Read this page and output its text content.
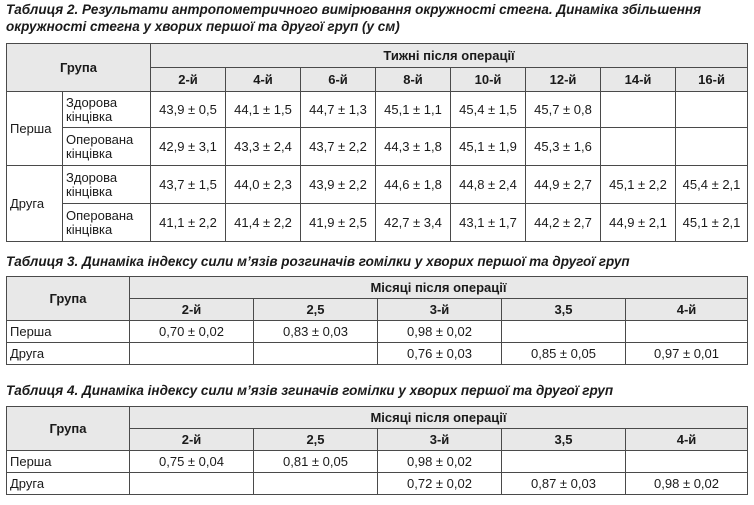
Таблиця 2. Результати антропометричного вимірювання окружності стегна. Динаміка збільшення
окружності стегна у хворих першої та другої груп (у см)
Група		Тижні після операції							
		2-й	4-й	6-й	8-й	10-й	12-й	14-й	16-й
Перша	Здорова кінцівка	43,9 ± 0,5	44,1 ± 1,5	44,7 ± 1,3	45,1 ± 1,1	45,4 ± 1,5	45,7 ± 0,8		
	Оперована кінцівка	42,9 ± 3,1	43,3 ± 2,4	43,7 ± 2,2	44,3 ± 1,8	45,1 ± 1,9	45,3 ± 1,6		
Друга	Здорова кінцівка	43,7 ± 1,5	44,0 ± 2,3	43,9 ± 2,2	44,6 ± 1,8	44,8 ± 2,4	44,9 ± 2,7	45,1 ± 2,2	45,4 ± 2,1
	Оперована кінцівка	41,1 ± 2,2	41,4 ± 2,2	41,9 ± 2,5	42,7 ± 3,4	43,1 ± 1,7	44,2 ± 2,7	44,9 ± 2,1	45,1 ± 2,1
Таблиця 3. Динаміка індексу сили м’язів розгиначів гомілки у хворих першої та другої груп
Група	Місяці після операції				
	2-й	2,5	3-й	3,5	4-й
Перша	0,70 ± 0,02	0,83 ± 0,03	0,98 ± 0,02		
Друга			0,76 ± 0,03	0,85 ± 0,05	0,97 ± 0,01
Таблиця 4. Динаміка індексу сили м’язів згиначів гомілки у хворих першої та другої груп
Група	Місяці після операції				
	2-й	2,5	3-й	3,5	4-й
Перша	0,75 ± 0,04	0,81 ± 0,05	0,98 ± 0,02		
Друга			0,72 ± 0,02	0,87 ± 0,03	0,98 ± 0,02
